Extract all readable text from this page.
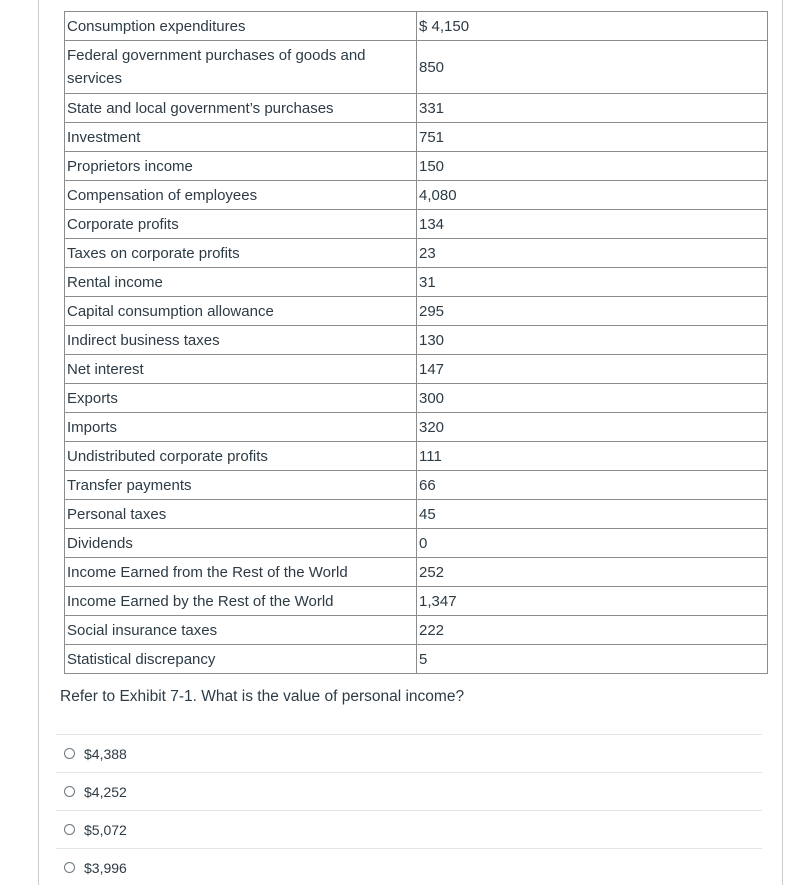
Consumption expenditures	$ 4,150
Federal government purchases of goods and services	850
State and local government’s purchases	331
Investment	751
Proprietors income	150
Compensation of employees	4,080
Corporate profits	134
Taxes on corporate profits	23
Rental income	31
Capital consumption allowance	295
Indirect business taxes	130
Net interest	147
Exports	300
Imports	320
Undistributed corporate profits	111
Transfer payments	66
Personal taxes	45
Dividends	0
Income Earned from the Rest of the World	252
Income Earned by the Rest of the World	1,347
Social insurance taxes	222
Statistical discrepancy	5
Refer to Exhibit 7-1. What is the value of personal income?
$4,388
$4,252
$5,072
$3,996
